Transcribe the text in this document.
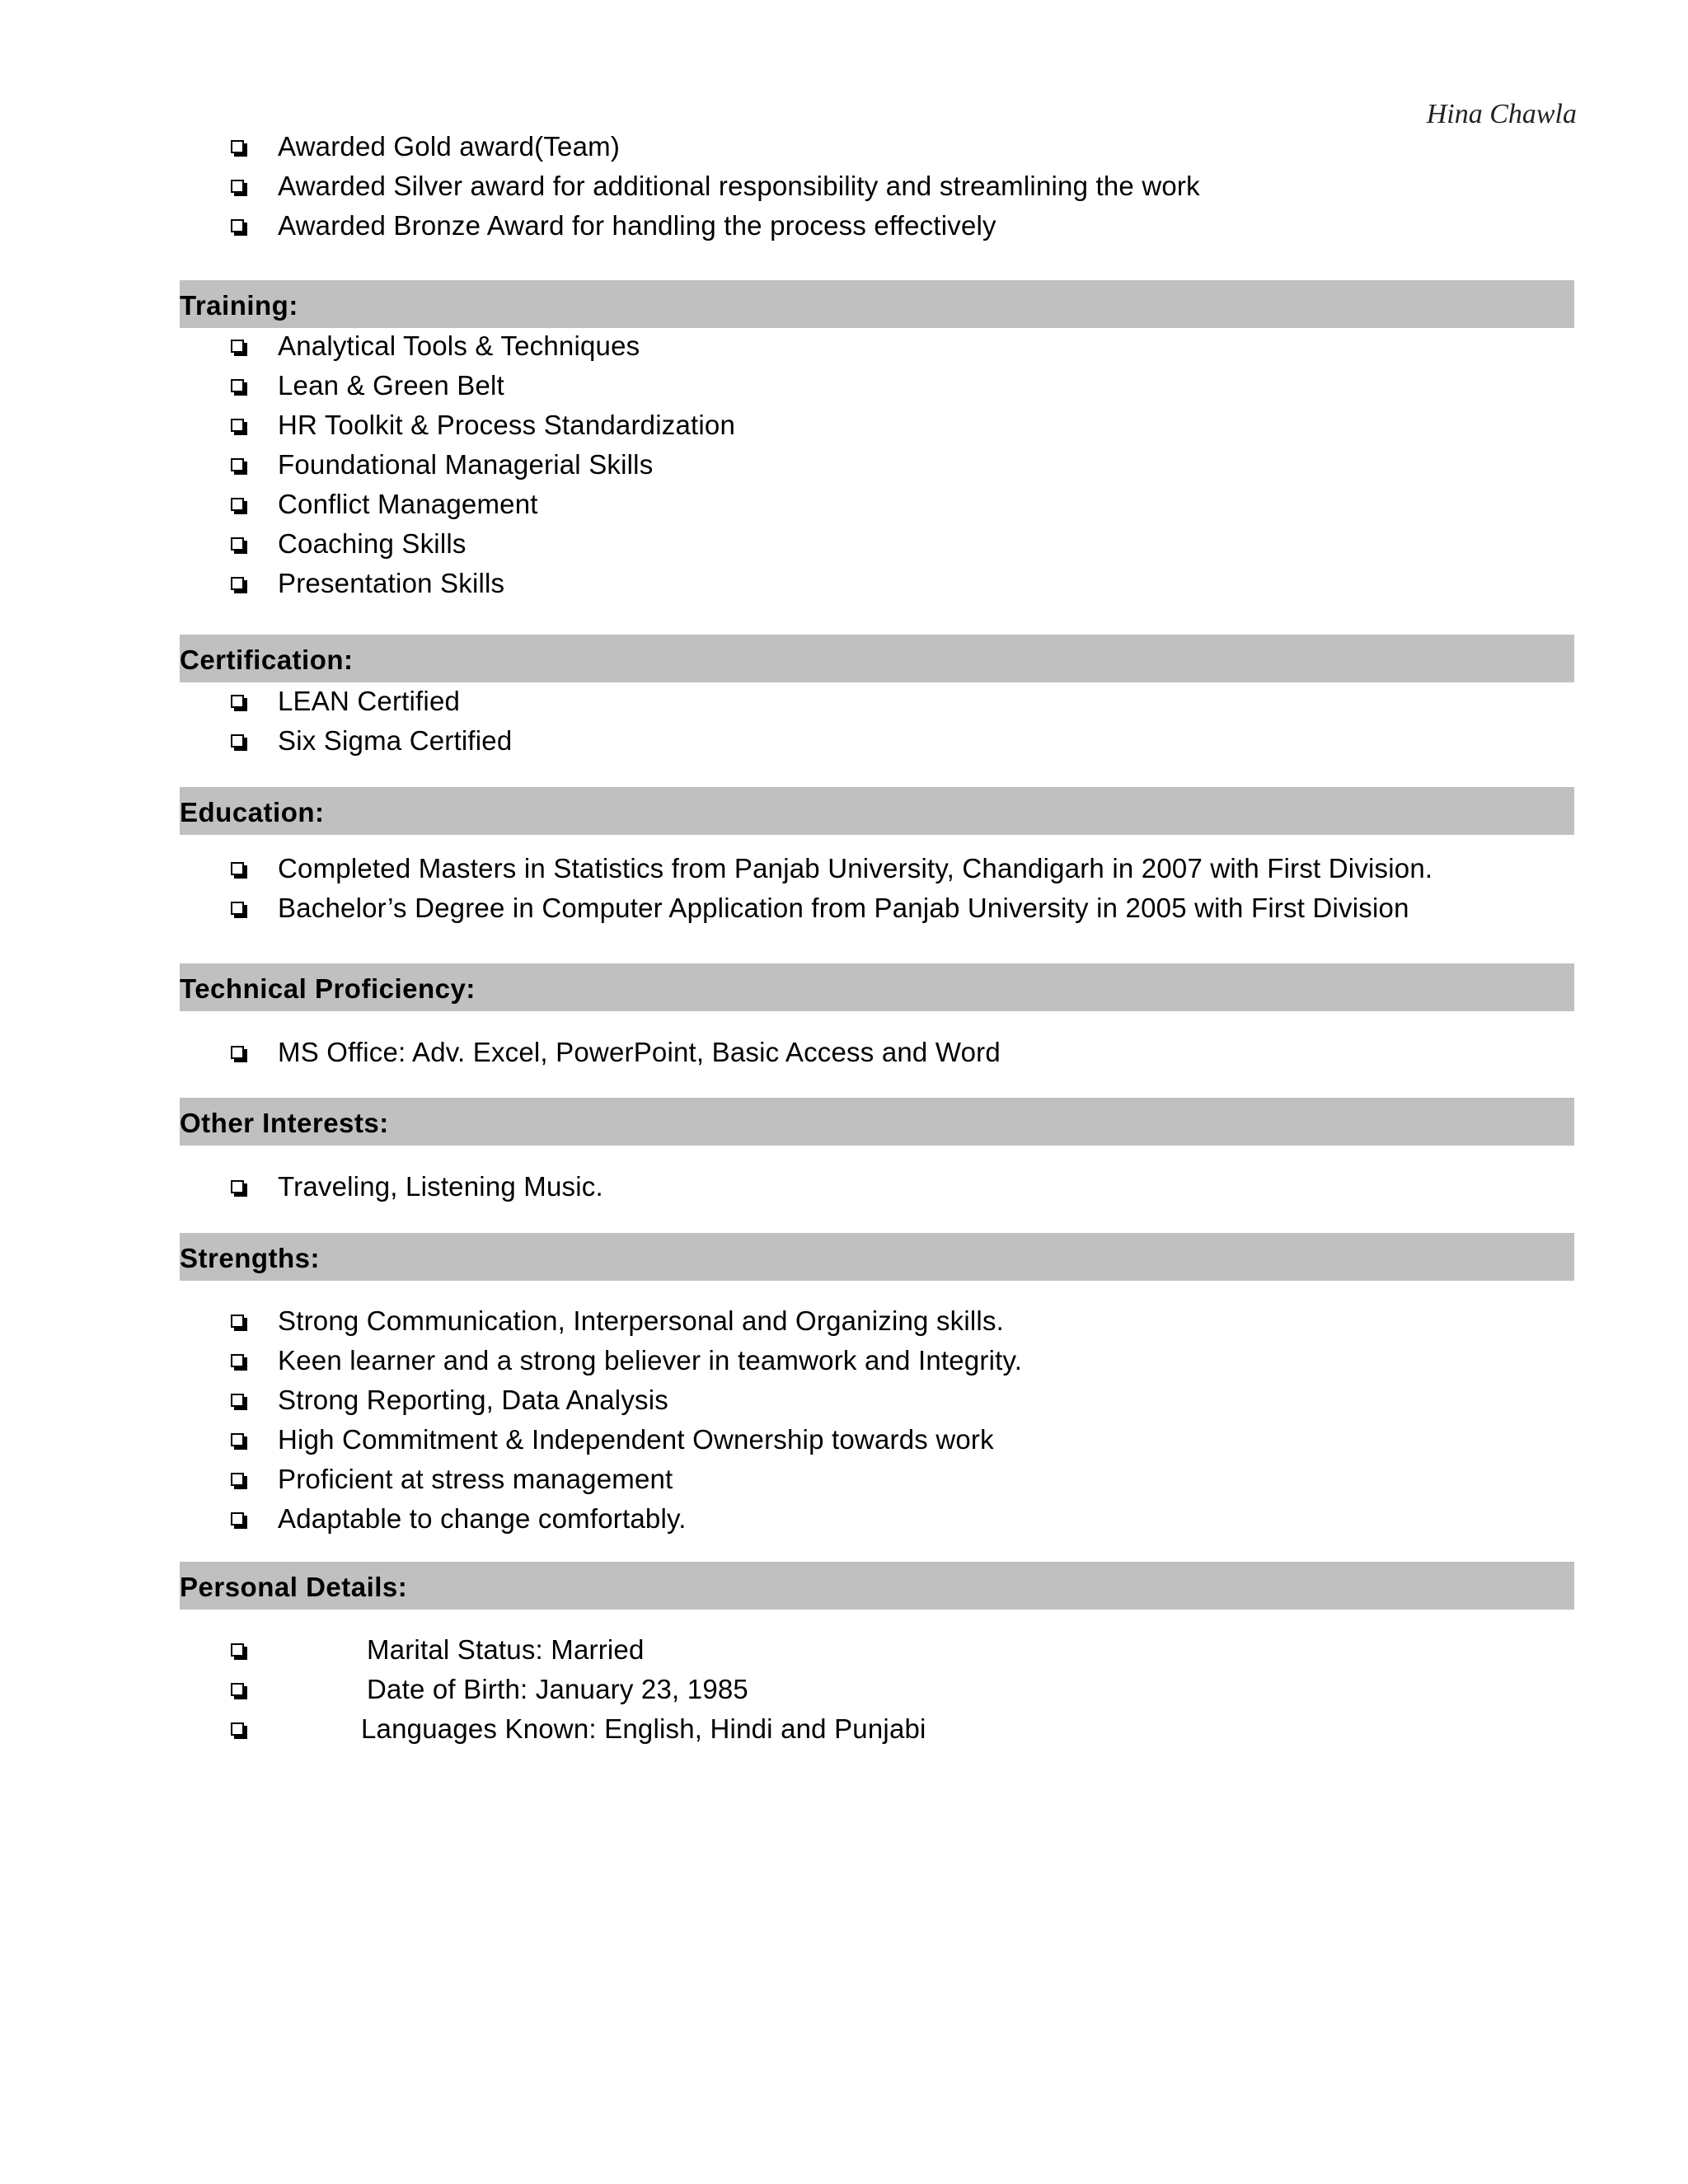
Hina Chawla
Awarded Gold award(Team)
Awarded Silver award for additional responsibility and streamlining the work
Awarded Bronze Award for handling the process effectively
Training:
Analytical Tools & Techniques
Lean & Green Belt
HR Toolkit & Process Standardization
Foundational Managerial Skills
Conflict Management
Coaching Skills
Presentation Skills
Certification:
LEAN Certified
Six Sigma Certified
Education:
Completed Masters in Statistics from Panjab University, Chandigarh in 2007 with First Division.
Bachelor’s Degree in Computer Application from Panjab University in 2005 with First Division
Technical Proficiency:
MS Office: Adv. Excel, PowerPoint, Basic Access and Word
Other Interests:
Traveling, Listening Music.
Strengths:
Strong Communication, Interpersonal and Organizing skills.
Keen learner and a strong believer in teamwork and Integrity.
Strong Reporting, Data Analysis
High Commitment & Independent Ownership towards work
Proficient at stress management
Adaptable to change comfortably.
Personal Details:
Marital Status: Married
Date of Birth: January 23, 1985
Languages Known: English, Hindi and Punjabi
